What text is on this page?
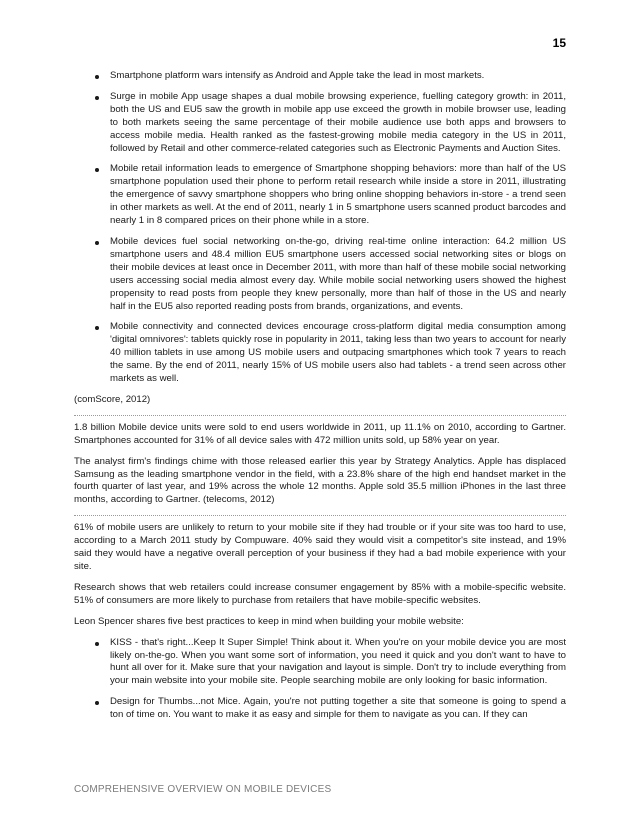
15
Smartphone platform wars intensify as Android and Apple take the lead in most markets.
Surge in mobile App usage shapes a dual mobile browsing experience, fuelling category growth: in 2011, both the US and EU5 saw the growth in mobile app use exceed the growth in mobile browser use, leading to both markets seeing the same percentage of their mobile audience use both apps and browsers to access mobile media. Health ranked as the fastest-growing mobile media category in the US in 2011, followed by Retail and other commerce-related categories such as Electronic Payments and Auction Sites.
Mobile retail information leads to emergence of Smartphone shopping behaviors: more than half of the US smartphone population used their phone to perform retail research while inside a store in 2011, illustrating the emergence of savvy smartphone shoppers who bring online shopping behaviors in-store - a trend seen in other markets as well. At the end of 2011, nearly 1 in 5 smartphone users scanned product barcodes and nearly 1 in 8 compared prices on their phone while in a store.
Mobile devices fuel social networking on-the-go, driving real-time online interaction: 64.2 million US smartphone users and 48.4 million EU5 smartphone users accessed social networking sites or blogs on their mobile devices at least once in December 2011, with more than half of these mobile social networking users accessing social media almost every day. While mobile social networking users showed the highest propensity to read posts from people they knew personally, more than half of those in the US and nearly half in the EU5 also reported reading posts from brands, organizations, and events.
Mobile connectivity and connected devices encourage cross-platform digital media consumption among 'digital omnivores': tablets quickly rose in popularity in 2011, taking less than two years to account for nearly 40 million tablets in use among US mobile users and outpacing smartphones which took 7 years to reach the same. By the end of 2011, nearly 15% of US mobile users also had tablets - a trend seen across other markets as well.

(comScore, 2012)

1.8 billion Mobile device units were sold to end users worldwide in 2011, up 11.1% on 2010, according to Gartner. Smartphones accounted for 31% of all device sales with 472 million units sold, up 58% year on year.

The analyst firm's findings chime with those released earlier this year by Strategy Analytics. Apple has displaced Samsung as the leading smartphone vendor in the field, with a 23.8% share of the high end handset market in the fourth quarter of last year, and 19% across the whole 12 months. Apple sold 35.5 million iPhones in the last three months, according to Gartner. (telecoms, 2012)

61% of mobile users are unlikely to return to your mobile site if they had trouble or if your site was too hard to use, according to a March 2011 study by Compuware. 40% said they would visit a competitor's site instead, and 19% said they would have a negative overall perception of your business if they had a bad mobile experience with your site.

Research shows that web retailers could increase consumer engagement by 85% with a mobile-specific website. 51% of consumers are more likely to purchase from retailers that have mobile-specific websites.

Leon Spencer shares five best practices to keep in mind when building your mobile website:

KISS - that's right...Keep It Super Simple! Think about it. When you're on your mobile device you are most likely on-the-go. When you want some sort of information, you need it quick and you don't want to have to hunt all over for it. Make sure that your navigation and layout is simple. Don't try to include everything from your main website into your mobile site. People searching mobile are only looking for basic information.
Design for Thumbs...not Mice. Again, you're not putting together a site that someone is going to spend a ton of time on. You want to make it as easy and simple for them to navigate as you can. If they can
COMPREHENSIVE OVERVIEW ON MOBILE DEVICES
